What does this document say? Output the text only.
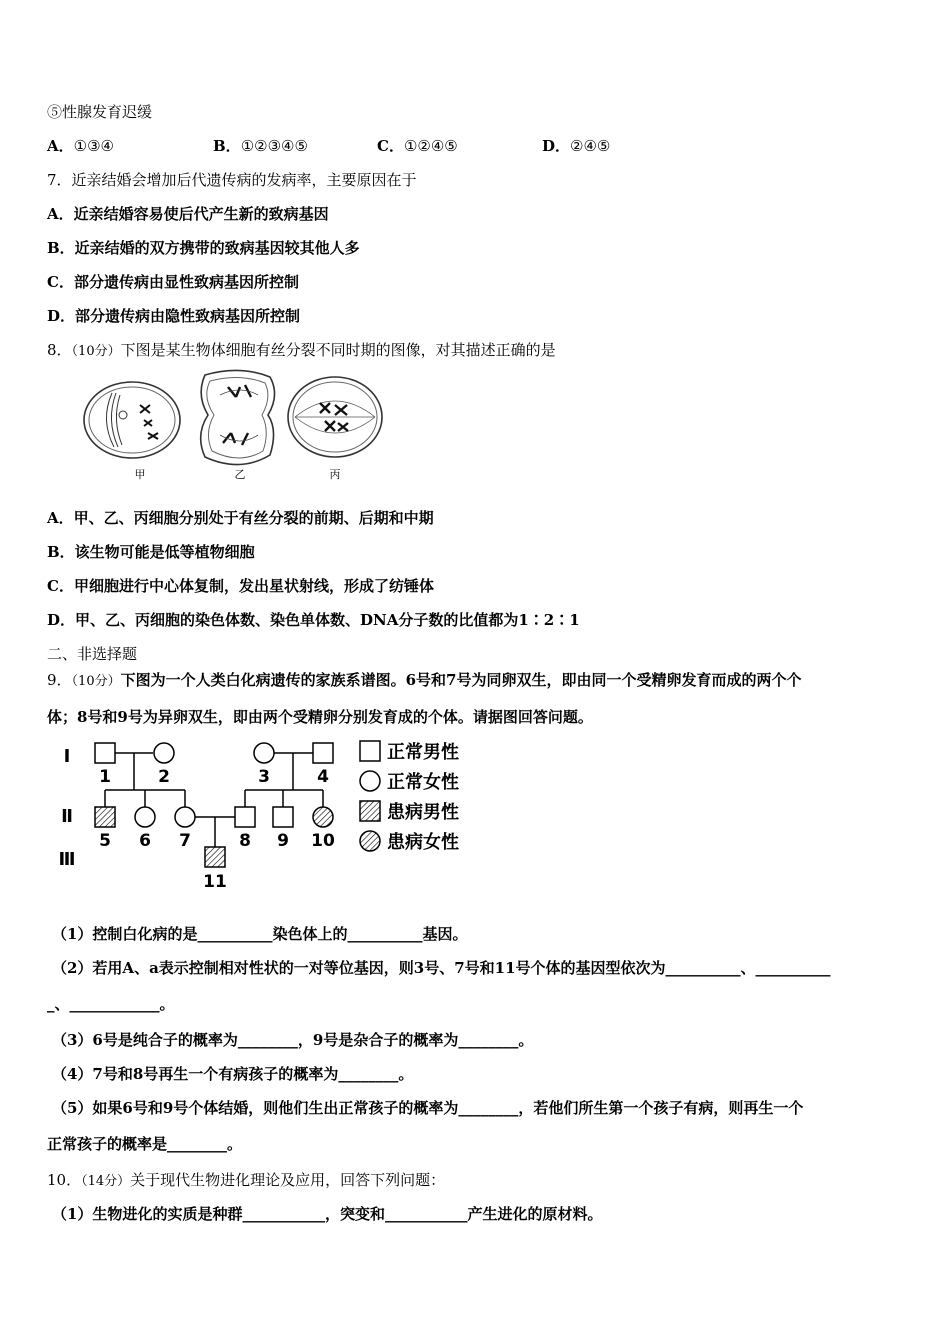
⑤性腺发育迟缓
A．①③④	B．①②③④⑤	C．①②④⑤	D．②④⑤
7．近亲结婚会增加后代遗传病的发病率，主要原因在于
A．近亲结婚容易使后代产生新的致病基因
B．近亲结婚的双方携带的致病基因较其他人多
C．部分遗传病由显性致病基因所控制
D．部分遗传病由隐性致病基因所控制
8．（10分）下图是某生物体细胞有丝分裂不同时期的图像，对其描述正确的是
甲	乙	丙
A．甲、乙、丙细胞分别处于有丝分裂的前期、后期和中期
B．该生物可能是低等植物细胞
C．甲细胞进行中心体复制，发出星状射线，形成了纺锤体
D．甲、乙、丙细胞的染色体数、染色单体数、DNA分子数的比值都为1∶2∶1
二、非选择题
9．（10分）下图为一个人类白化病遗传的家族系谱图。6号和7号为同卵双生，即由同一个受精卵发育而成的两个个
体；8号和9号为异卵双生，即由两个受精卵分别发育成的个体。请据图回答问题。
Ⅰ
Ⅱ
Ⅲ
1	2	3	4
5 6 7	8 9 10
11
正常男性
正常女性
患病男性
患病女性
（1）控制白化病的是__________染色体上的__________基因。
（2）若用A、a表示控制相对性状的一对等位基因，则3号、7号和11号个体的基因型依次为__________、__________
_、____________。
（3）6号是纯合子的概率为________，9号是杂合子的概率为________。
（4）7号和8号再生一个有病孩子的概率为________。
（5）如果6号和9号个体结婚，则他们生出正常孩子的概率为________，若他们所生第一个孩子有病，则再生一个
正常孩子的概率是________。
10．（14分）关于现代生物进化理论及应用，回答下列问题：
（1）生物进化的实质是种群___________，突变和___________产生进化的原材料。
